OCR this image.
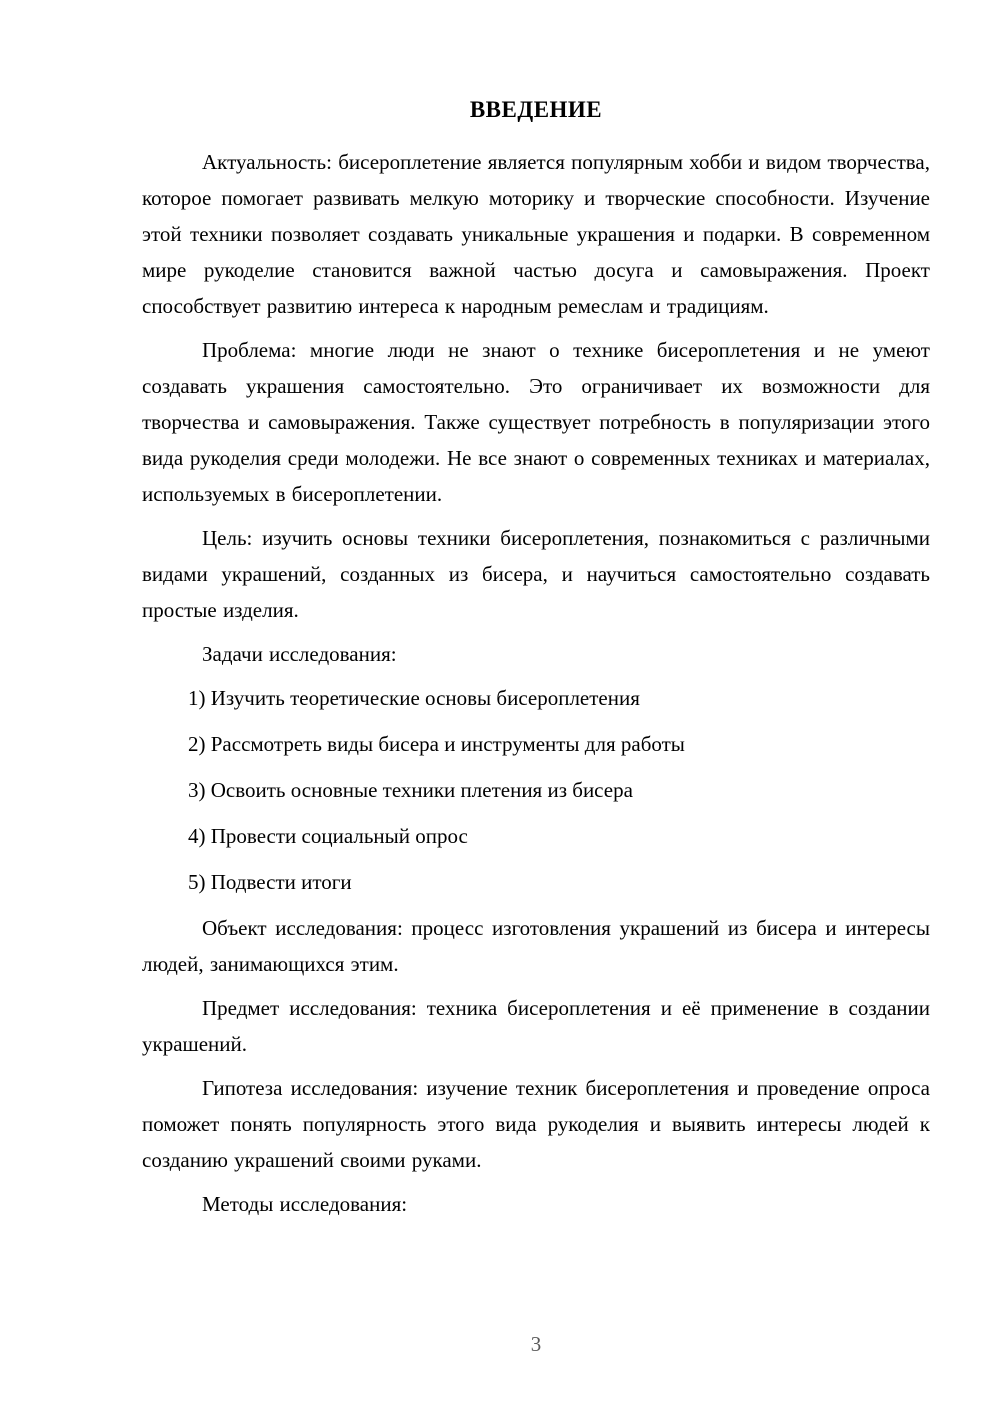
ВВЕДЕНИЕ

Актуальность: бисероплетение является популярным хобби и видом творчества, которое помогает развивать мелкую моторику и творческие способности. Изучение этой техники позволяет создавать уникальные украшения и подарки. В современном мире рукоделие становится важной частью досуга и самовыражения. Проект способствует развитию интереса к народным ремеслам и традициям.

Проблема: многие люди не знают о технике бисероплетения и не умеют создавать украшения самостоятельно. Это ограничивает их возможности для творчества и самовыражения. Также существует потребность в популяризации этого вида рукоделия среди молодежи. Не все знают о современных техниках и материалах, используемых в бисероплетении.

Цель: изучить основы техники бисероплетения, познакомиться с различными видами украшений, созданных из бисера, и научиться самостоятельно создавать простые изделия.

Задачи исследования:

1) Изучить теоретические основы бисероплетения
2) Рассмотреть виды бисера и инструменты для работы
3) Освоить основные техники плетения из бисера
4) Провести социальный опрос
5) Подвести итоги

Объект исследования: процесс изготовления украшений из бисера и интересы людей, занимающихся этим.

Предмет исследования: техника бисероплетения и её применение в создании украшений.

Гипотеза исследования: изучение техник бисероплетения и проведение опроса поможет понять популярность этого вида рукоделия и выявить интересы людей к созданию украшений своими руками.

Методы исследования:

3
